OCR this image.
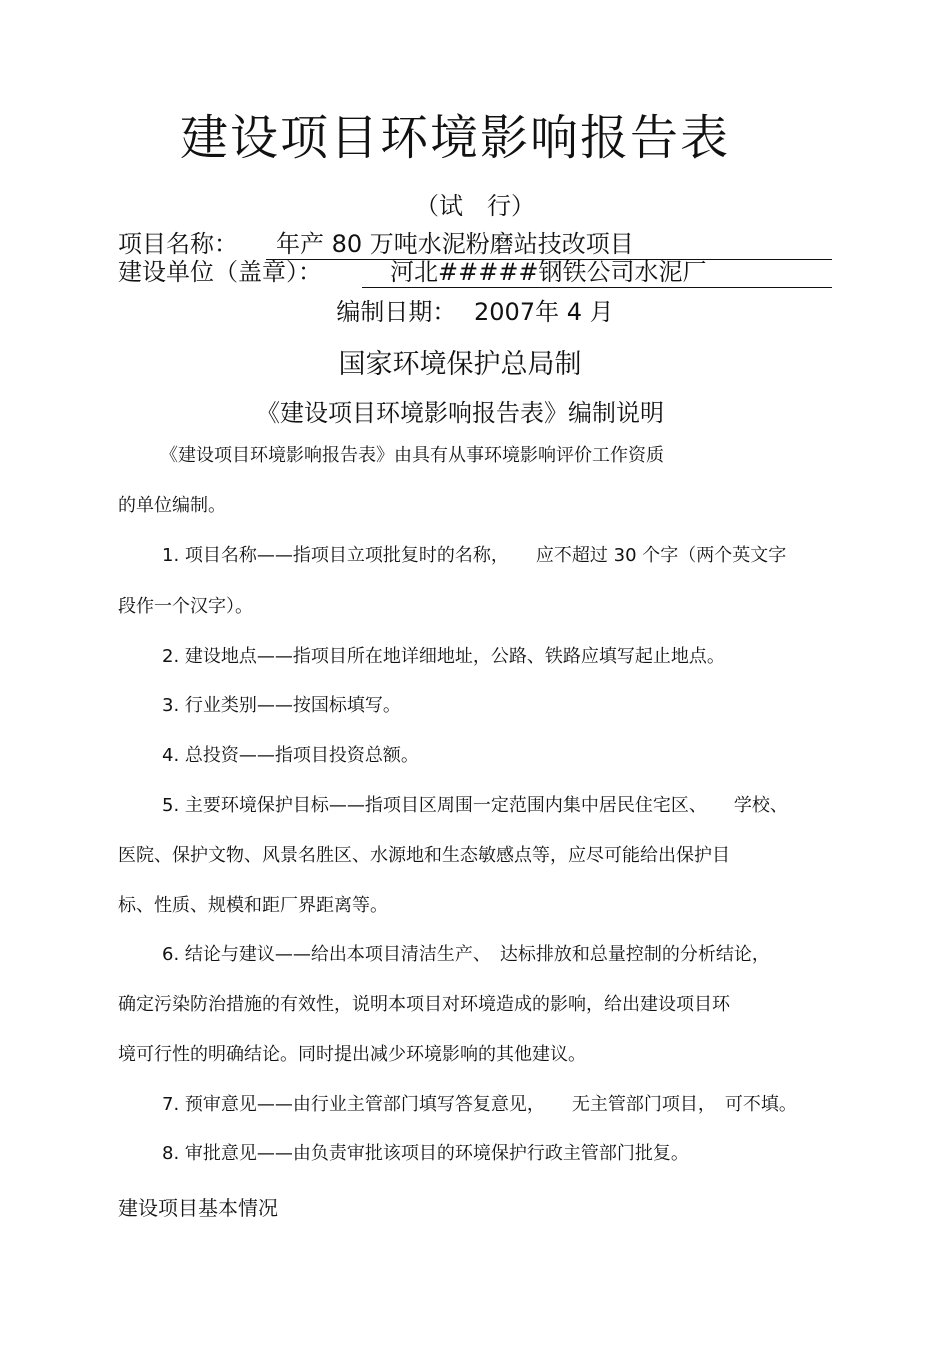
建设项目环境影响报告表
（试　行）
项目名称：	年产 80 万吨水泥粉磨站技改项目
建设单位（盖章）：	河北#####钢铁公司水泥厂
编制日期： 2007年 4 月
国家环境保护总局制
《建设项目环境影响报告表》编制说明
《建设项目环境影响报告表》由具有从事环境影响评价工作资质
的单位编制。
1. 项目名称——指项目立项批复时的名称，　　应不超过 30 个字（两个英文字
段作一个汉字）。
2. 建设地点——指项目所在地详细地址，公路、铁路应填写起止地点。
3. 行业类别——按国标填写。
4. 总投资——指项目投资总额。
5. 主要环境保护目标——指项目区周围一定范围内集中居民住宅区、　　学校、
医院、保护文物、风景名胜区、水源地和生态敏感点等，应尽可能给出保护目
标、性质、规模和距厂界距离等。
6. 结论与建议——给出本项目清洁生产、　达标排放和总量控制的分析结论，
确定污染防治措施的有效性，说明本项目对环境造成的影响，给出建设项目环
境可行性的明确结论。同时提出减少环境影响的其他建议。
7. 预审意见——由行业主管部门填写答复意见，　　无主管部门项目，　可不填。
8. 审批意见——由负责审批该项目的环境保护行政主管部门批复。
建设项目基本情况
